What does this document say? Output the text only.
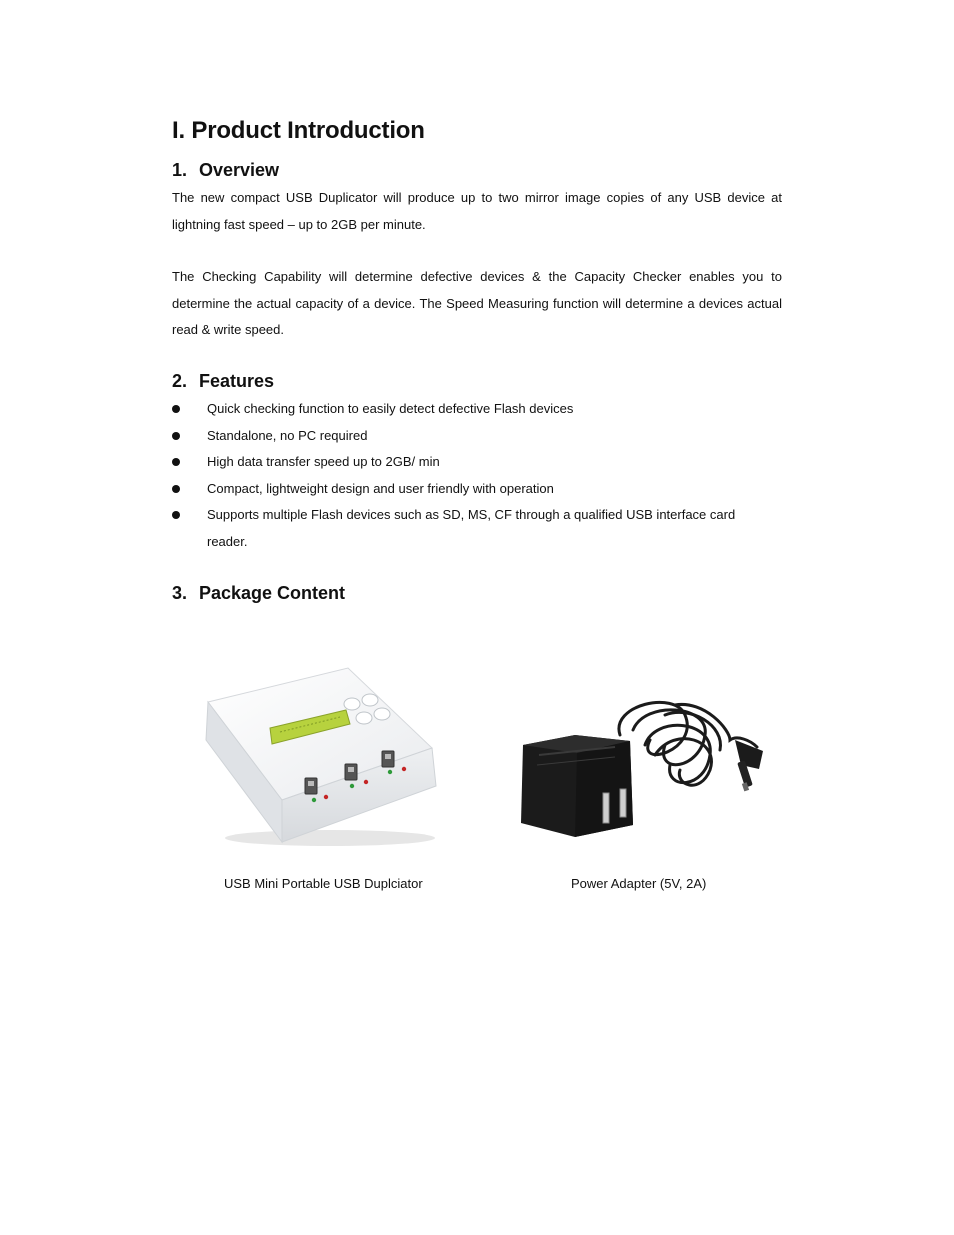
I. Product Introduction
1. Overview

The new compact USB Duplicator will produce up to two mirror image copies of any USB device at lightning fast speed – up to 2GB per minute.

The Checking Capability will determine defective devices & the Capacity Checker enables you to determine the actual capacity of a device. The Speed Measuring function will determine a devices actual read & write speed.

2. Features
Quick checking function to easily detect defective Flash devices
Standalone, no PC required
High data transfer speed up to 2GB/ min
Compact, lightweight design and user friendly with operation
Supports multiple Flash devices such as SD, MS, CF through a qualified USB interface card reader.
3. Package Content
USB Mini Portable USB Duplciator	Power Adapter (5V, 2A)
